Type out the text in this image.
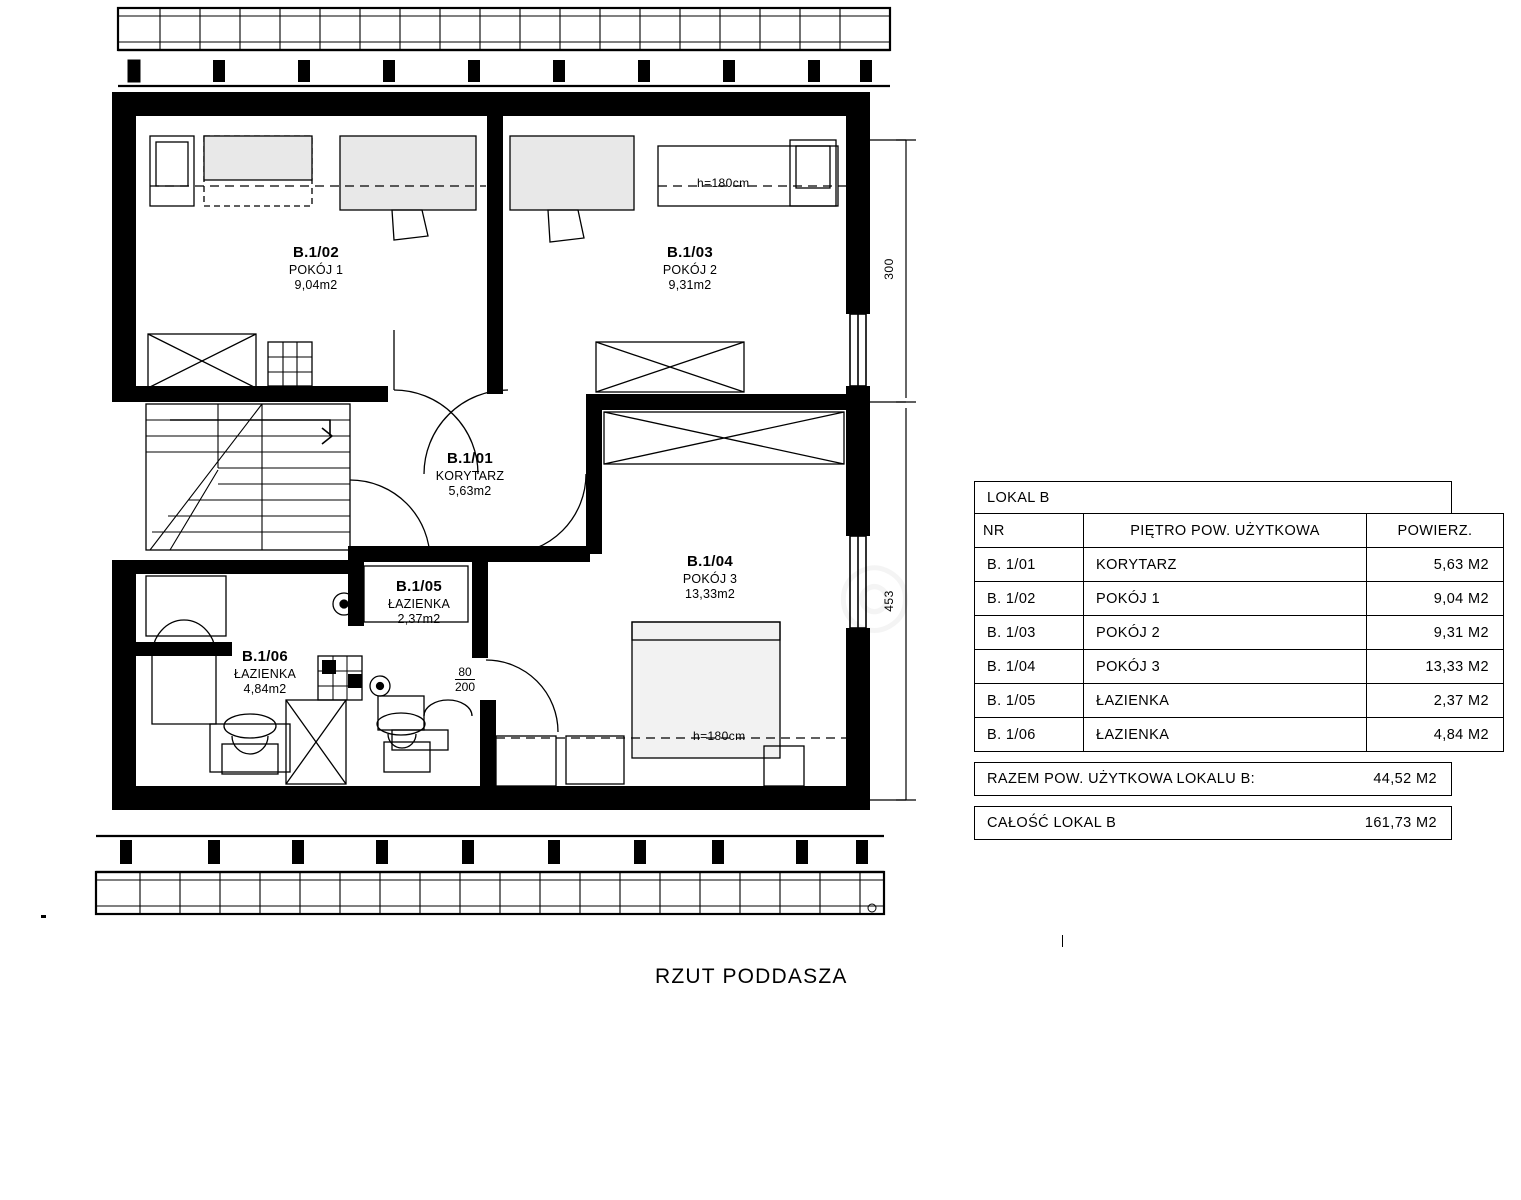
B.1/02
POKÓJ 1
9,04m2
B.1/03
POKÓJ 2
9,31m2
B.1/01
KORYTARZ
5,63m2
B.1/04
POKÓJ 3
13,33m2
B.1/05
ŁAZIENKA
2,37m2
B.1/06
ŁAZIENKA
4,84m2
h=180cm
h=180cm
80
200
300
453
RZUT PODDASZA
LOKAL B
NR	PIĘTRO POW. UŻYTKOWA	POWIERZ.
B. 1/01	KORYTARZ	5,63 M2
B. 1/02	POKÓJ 1	9,04 M2
B. 1/03	POKÓJ 2	9,31 M2
B. 1/04	POKÓJ 3	13,33 M2
B. 1/05	ŁAZIENKA	2,37 M2
B. 1/06	ŁAZIENKA	4,84 M2
RAZEM POW. UŻYTKOWA LOKALU B:	44,52 M2
CAŁOŚĆ LOKAL B	161,73 M2
